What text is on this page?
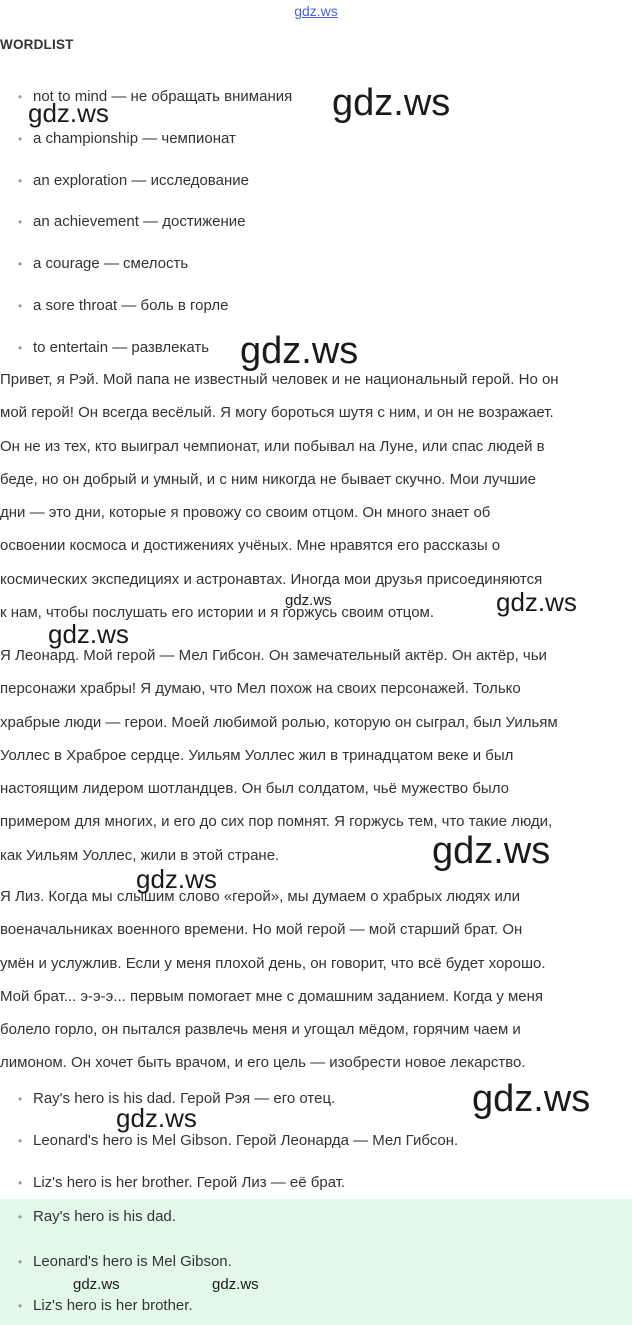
gdz.ws
WORDLIST
• not to mind — не обращать внимания
• a championship — чемпионат
• an exploration — исследование
• an achievement — достижение
• a courage — смелость
• a sore throat — боль в горле
• to entertain — развлекать
Привет, я Рэй. Мой папа не известный человек и не национальный герой. Но он
мой герой! Он всегда весёлый. Я могу бороться шутя с ним, и он не возражает.
Он не из тех, кто выиграл чемпионат, или побывал на Луне, или спас людей в
беде, но он добрый и умный, и с ним никогда не бывает скучно. Мои лучшие
дни — это дни, которые я провожу со своим отцом. Он много знает об
освоении космоса и достижениях учёных. Мне нравятся его рассказы о
космических экспедициях и астронавтах. Иногда мои друзья присоединяются
к нам, чтобы послушать его истории и я горжусь своим отцом.
Я Леонард. Мой герой — Мел Гибсон. Он замечательный актёр. Он актёр, чьи
персонажи храбры! Я думаю, что Мел похож на своих персонажей. Только
храбрые люди — герои. Моей любимой ролью, которую он сыграл, был Уильям
Уоллес в Храброе сердце. Уильям Уоллес жил в тринадцатом веке и был
настоящим лидером шотландцев. Он был солдатом, чьё мужество было
примером для многих, и его до сих пор помнят. Я горжусь тем, что такие люди,
как Уильям Уоллес, жили в этой стране.
Я Лиз. Когда мы слышим слово «герой», мы думаем о храбрых людях или
военачальниках военного времени. Но мой герой — мой старший брат. Он
умён и услужлив. Если у меня плохой день, он говорит, что всё будет хорошо.
Мой брат... э-э-э... первым помогает мне с домашним заданием. Когда у меня
болело горло, он пытался развлечь меня и угощал мёдом, горячим чаем и
лимоном. Он хочет быть врачом, и его цель — изобрести новое лекарство.
• Ray's hero is his dad. Герой Рэя — его отец.
• Leonard's hero is Mel Gibson. Герой Леонарда — Мел Гибсон.
• Liz's hero is her brother. Герой Лиз — её брат.
• Ray's hero is his dad.
• Leonard's hero is Mel Gibson.
• Liz's hero is her brother.
gdz.ws
gdz.ws
gdz.ws
gdz.ws	gdz.ws
gdz.ws
gdz.ws
gdz.ws
gdz.ws
gdz.ws
gdz.ws	gdz.ws
